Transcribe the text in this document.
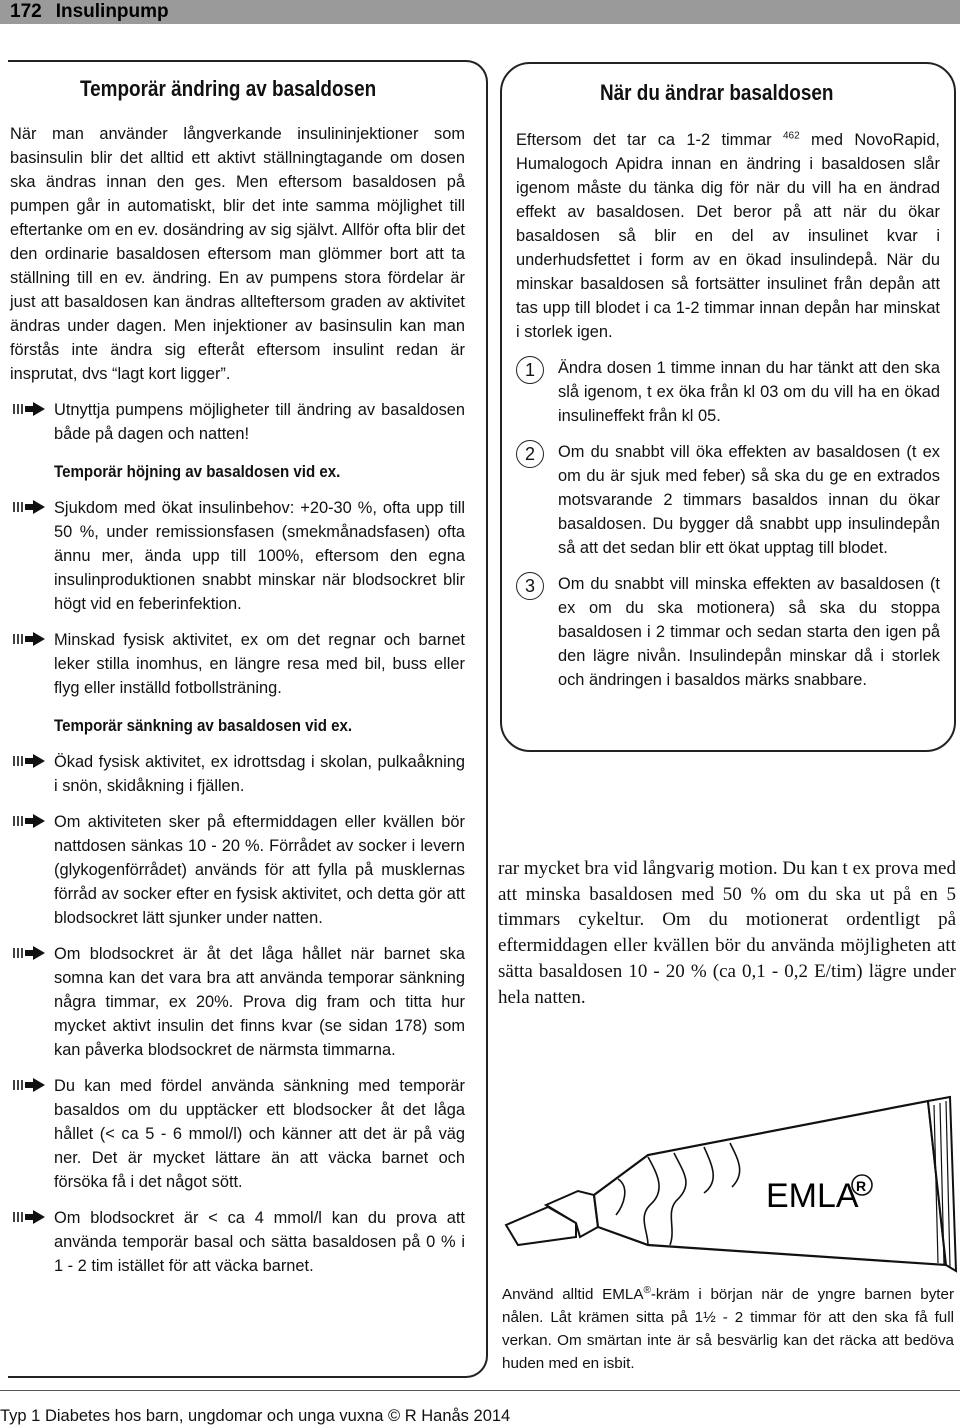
172 Insulinpump
Temporär ändring av basaldosen

När man använder långverkande insulininjektioner som basinsulin blir det alltid ett aktivt ställningtagande om dosen ska ändras innan den ges. Men eftersom basaldosen på pumpen går in automatiskt, blir det inte samma möjlighet till eftertanke om en ev. dosändring av sig självt. Allför ofta blir det den ordinarie basaldosen eftersom man glömmer bort att ta ställning till en ev. ändring. En av pumpens stora fördelar är just att basaldosen kan ändras allteftersom graden av aktivitet ändras under dagen. Men injektioner av basinsulin kan man förstås inte ändra sig efteråt eftersom insulint redan är insprutat, dvs “lagt kort ligger”.

Utnyttja pumpens möjligheter till ändring av basaldosen både på dagen och natten!
Temporär höjning av basaldosen vid ex.
Sjukdom med ökat insulinbehov: +20-30 %, ofta upp till 50 %, under remissionsfasen (smekmånadsfasen) ofta ännu mer, ända upp till 100%, eftersom den egna insulinproduktionen snabbt minskar när blodsockret blir högt vid en feberinfektion.
Minskad fysisk aktivitet, ex om det regnar och barnet leker stilla inomhus, en längre resa med bil, buss eller flyg eller inställd fotbollsträning.
Temporär sänkning av basaldosen vid ex.
Ökad fysisk aktivitet, ex idrottsdag i skolan, pulkaåkning i snön, skidåkning i fjällen.
Om aktiviteten sker på eftermiddagen eller kvällen bör nattdosen sänkas 10 - 20 %. Förrådet av socker i levern (glykogenförrådet) används för att fylla på musklernas förråd av socker efter en fysisk aktivitet, och detta gör att blodsockret lätt sjunker under natten.
Om blodsockret är åt det låga hållet när barnet ska somna kan det vara bra att använda temporar sänkning några timmar, ex 20%. Prova dig fram och titta hur mycket aktivt insulin det finns kvar (se sidan 178) som kan påverka blodsockret de närmsta timmarna.
Du kan med fördel använda sänkning med temporär basaldos om du upptäcker ett blodsocker åt det låga hållet (< ca 5 - 6 mmol/l) och känner att det är på väg ner. Det är mycket lättare än att väcka barnet och försöka få i det något sött.
Om blodsockret är < ca 4 mmol/l kan du prova att använda temporär basal och sätta basaldosen på 0 % i 1 - 2 tim istället för att väcka barnet.
När du ändrar basaldosen

Eftersom det tar ca 1-2 timmar $^{462}$ med NovoRapid, Humalogoch Apidra innan en ändring i basaldosen slår igenom måste du tänka dig för när du vill ha en ändrad effekt av basaldosen. Det beror på att när du ökar basaldosen så blir en del av insulinet kvar i underhudsfettet i form av en ökad insulindepå. När du minskar basaldosen så fortsätter insulinet från depån att tas upp till blodet i ca 1-2 timmar innan depån har minskat i storlek igen.

1	Ändra dosen 1 timme innan du har tänkt att den ska slå igenom, t ex öka från kl 03 om du vill ha en ökad insulineffekt från kl 05.

2	Om du snabbt vill öka effekten av basaldosen (t ex om du är sjuk med feber) så ska du ge en extrados motsvarande 2 timmars basaldos innan du ökar basaldosen. Du bygger då snabbt upp insulindepån så att det sedan blir ett ökat upptag till blodet.

3	Om du snabbt vill minska effekten av basaldosen (t ex om du ska motionera) så ska du stoppa basaldosen i 2 timmar och sedan starta den igen på den lägre nivån. Insulindepån minskar då i storlek och ändringen i basaldos märks snabbare.

rar mycket bra vid långvarig motion. Du kan t ex prova med att minska basaldosen med 50 % om du ska ut på en 5 timmars cykeltur. Om du motionerat ordentligt på eftermiddagen eller kvällen bör du använda möjligheten att sätta basaldosen 10 - 20 % (ca 0,1 - 0,2 E/tim) lägre under hela natten.

EMLA
R

Använd alltid EMLA®-kräm i början när de yngre barnen byter nålen. Låt krämen sitta på 1½ - 2 timmar för att den ska få full verkan. Om smärtan inte är så besvärlig kan det räcka att bedöva huden med en isbit.

Typ 1 Diabetes hos barn, ungdomar och unga vuxna © R Hanås 2014
